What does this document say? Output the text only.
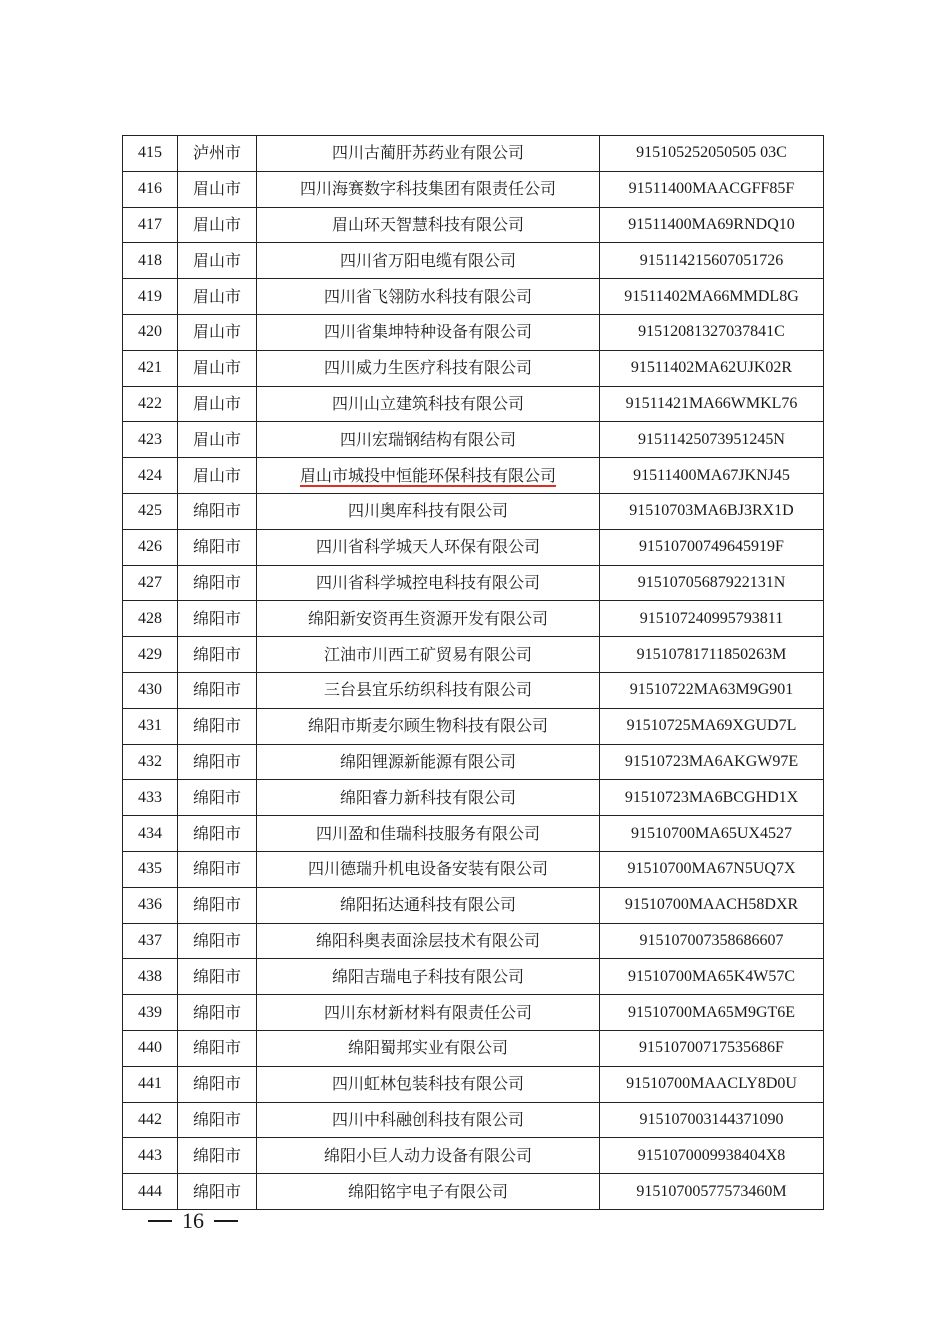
415	泸州市	四川古蔺肝苏药业有限公司	915105252050505 03C
416	眉山市	四川海赛数字科技集团有限责任公司	91511400MAACGFF85F
417	眉山市	眉山环天智慧科技有限公司	91511400MA69RNDQ10
418	眉山市	四川省万阳电缆有限公司	915114215607051726
419	眉山市	四川省飞翎防水科技有限公司	91511402MA66MMDL8G
420	眉山市	四川省集坤特种设备有限公司	91512081327037841C
421	眉山市	四川威力生医疗科技有限公司	91511402MA62UJK02R
422	眉山市	四川山立建筑科技有限公司	91511421MA66WMKL76
423	眉山市	四川宏瑞钢结构有限公司	91511425073951245N
424	眉山市	眉山市城投中恒能环保科技有限公司	91511400MA67JKNJ45
425	绵阳市	四川奥库科技有限公司	91510703MA6BJ3RX1D
426	绵阳市	四川省科学城天人环保有限公司	91510700749645919F
427	绵阳市	四川省科学城控电科技有限公司	91510705687922131N
428	绵阳市	绵阳新安资再生资源开发有限公司	915107240995793811
429	绵阳市	江油市川西工矿贸易有限公司	91510781711850263M
430	绵阳市	三台县宜乐纺织科技有限公司	91510722MA63M9G901
431	绵阳市	绵阳市斯麦尔顾生物科技有限公司	91510725MA69XGUD7L
432	绵阳市	绵阳锂源新能源有限公司	91510723MA6AKGW97E
433	绵阳市	绵阳睿力新科技有限公司	91510723MA6BCGHD1X
434	绵阳市	四川盈和佳瑞科技服务有限公司	91510700MA65UX4527
435	绵阳市	四川德瑞升机电设备安装有限公司	91510700MA67N5UQ7X
436	绵阳市	绵阳拓达通科技有限公司	91510700MAACH58DXR
437	绵阳市	绵阳科奥表面涂层技术有限公司	915107007358686607
438	绵阳市	绵阳吉瑞电子科技有限公司	91510700MA65K4W57C
439	绵阳市	四川东材新材料有限责任公司	91510700MA65M9GT6E
440	绵阳市	绵阳蜀邦实业有限公司	91510700717535686F
441	绵阳市	四川虹林包装科技有限公司	91510700MAACLY8D0U
442	绵阳市	四川中科融创科技有限公司	915107003144371090
443	绵阳市	绵阳小巨人动力设备有限公司	9151070009938404X8
444	绵阳市	绵阳铭宇电子有限公司	91510700577573460M
16
